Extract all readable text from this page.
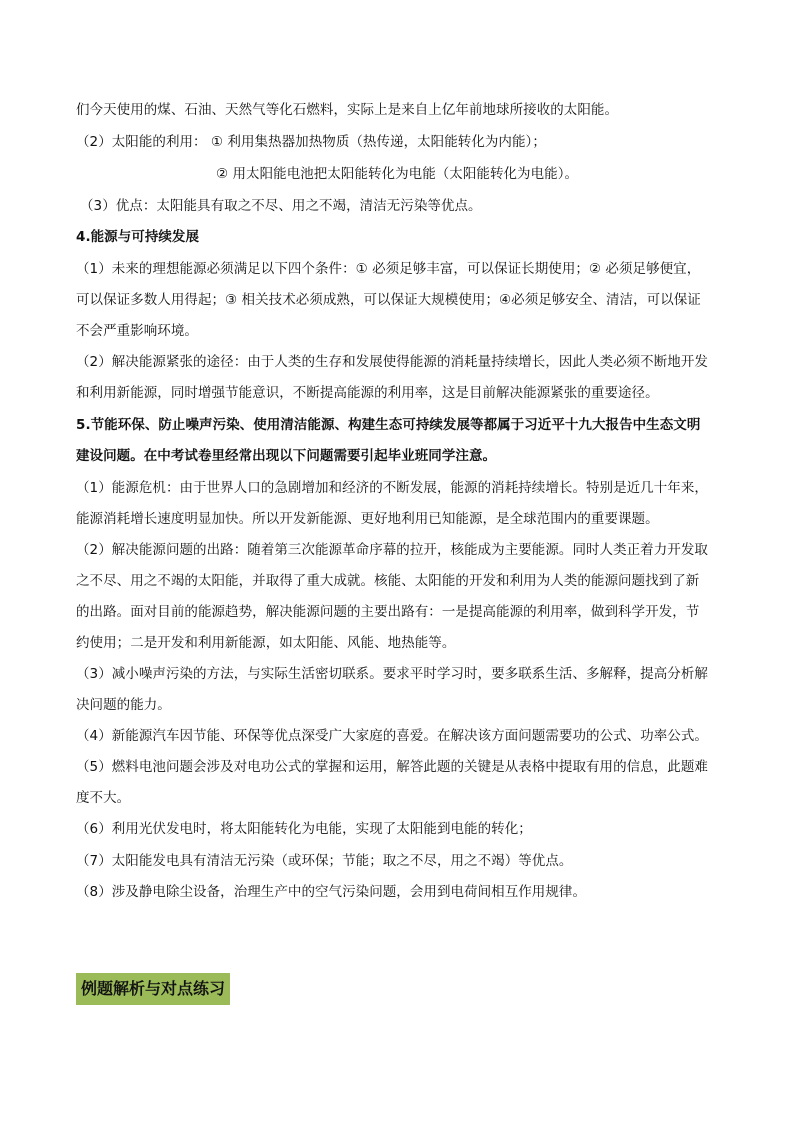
们今天使用的煤、石油、天然气等化石燃料，实际上是来自上亿年前地球所接收的太阳能。
（2）太阳能的利用： ① 利用集热器加热物质（热传递，太阳能转化为内能）；
② 用太阳能电池把太阳能转化为电能（太阳能转化为电能）。
（3）优点：太阳能具有取之不尽、用之不竭，清洁无污染等优点。
4.能源与可持续发展
（1）未来的理想能源必须满足以下四个条件：① 必须足够丰富，可以保证长期使用；② 必须足够便宜，
可以保证多数人用得起；③ 相关技术必须成熟，可以保证大规模使用；④必须足够安全、清洁，可以保证
不会严重影响环境。
（2）解决能源紧张的途径：由于人类的生存和发展使得能源的消耗量持续增长，因此人类必须不断地开发
和利用新能源，同时增强节能意识，不断提高能源的利用率，这是目前解决能源紧张的重要途径。
5.节能环保、防止噪声污染、使用清洁能源、构建生态可持续发展等都属于习近平十九大报告中生态文明
建设问题。在中考试卷里经常出现以下问题需要引起毕业班同学注意。
（1）能源危机：由于世界人口的急剧增加和经济的不断发展，能源的消耗持续增长。特别是近几十年来，
能源消耗增长速度明显加快。所以开发新能源、更好地利用已知能源，是全球范围内的重要课题。
（2）解决能源问题的出路：随着第三次能源革命序幕的拉开，核能成为主要能源。同时人类正着力开发取
之不尽、用之不竭的太阳能，并取得了重大成就。核能、太阳能的开发和利用为人类的能源问题找到了新
的出路。面对目前的能源趋势，解决能源问题的主要出路有：一是提高能源的利用率，做到科学开发，节
约使用；二是开发和利用新能源，如太阳能、风能、地热能等。
（3）减小噪声污染的方法，与实际生活密切联系。要求平时学习时，要多联系生活、多解释，提高分析解
决问题的能力。
（4）新能源汽车因节能、环保等优点深受广大家庭的喜爱。在解决该方面问题需要功的公式、功率公式。
（5）燃料电池问题会涉及对电功公式的掌握和运用，解答此题的关键是从表格中提取有用的信息，此题难
度不大。
（6）利用光伏发电时，将太阳能转化为电能，实现了太阳能到电能的转化；
（7）太阳能发电具有清洁无污染（或环保；节能；取之不尽，用之不竭）等优点。
（8）涉及静电除尘设备，治理生产中的空气污染问题，会用到电荷间相互作用规律。
例题解析与对点练习
